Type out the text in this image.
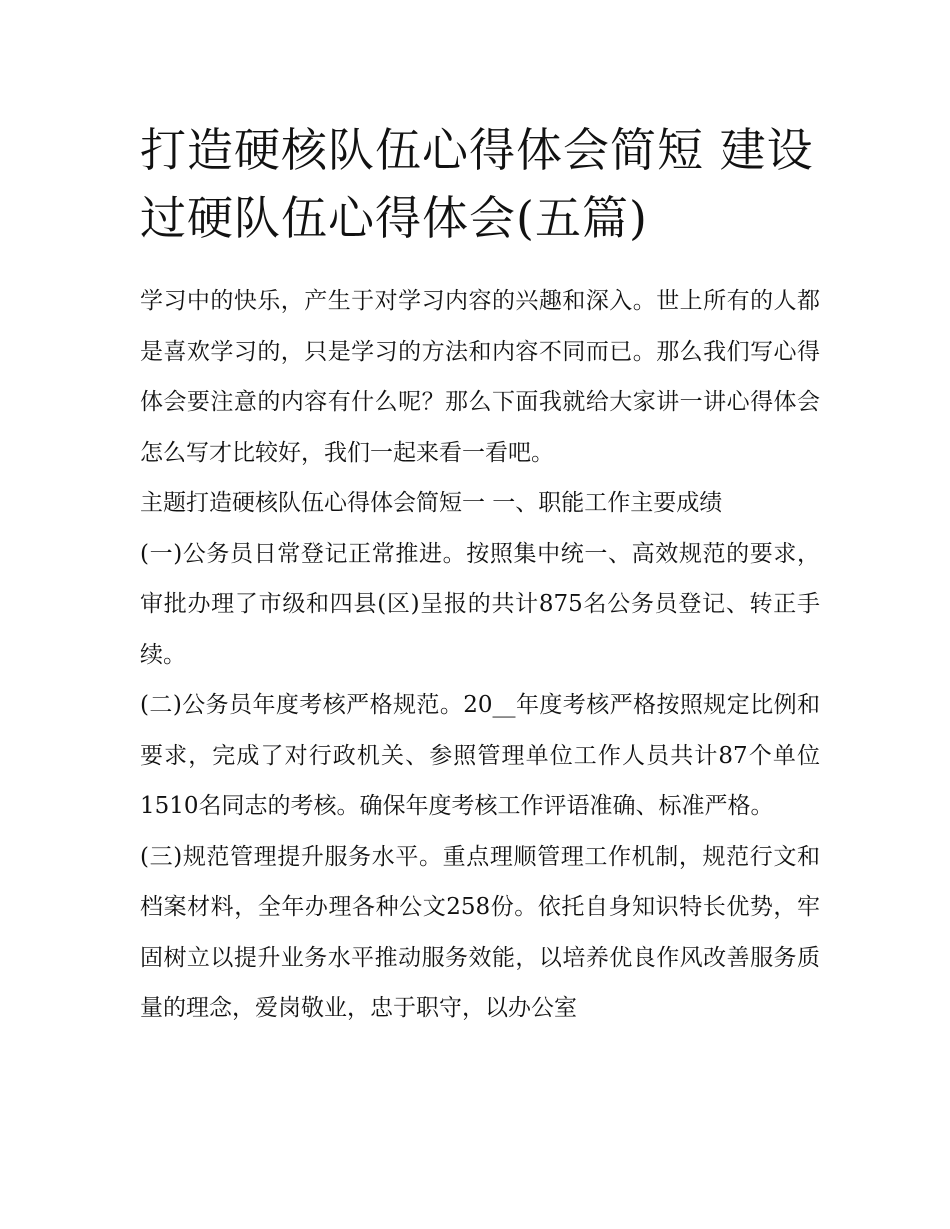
打造硬核队伍心得体会简短 建设过硬队伍心得体会(五篇)

学习中的快乐，产生于对学习内容的兴趣和深入。世上所有的人都是喜欢学习的，只是学习的方法和内容不同而已。那么我们写心得体会要注意的内容有什么呢？那么下面我就给大家讲一讲心得体会怎么写才比较好，我们一起来看一看吧。

主题打造硬核队伍心得体会简短一 一、职能工作主要成绩

(一)公务员日常登记正常推进。按照集中统一、高效规范的要求，审批办理了市级和四县(区)呈报的共计875名公务员登记、转正手续。

(二)公务员年度考核严格规范。20__年度考核严格按照规定比例和要求，完成了对行政机关、参照管理单位工作人员共计87个单位1510名同志的考核。确保年度考核工作评语准确、标准严格。

(三)规范管理提升服务水平。重点理顺管理工作机制，规范行文和档案材料，全年办理各种公文258份。依托自身知识特长优势，牢固树立以提升业务水平推动服务效能，以培养优良作风改善服务质量的理念，爱岗敬业，忠于职守，以办公室
